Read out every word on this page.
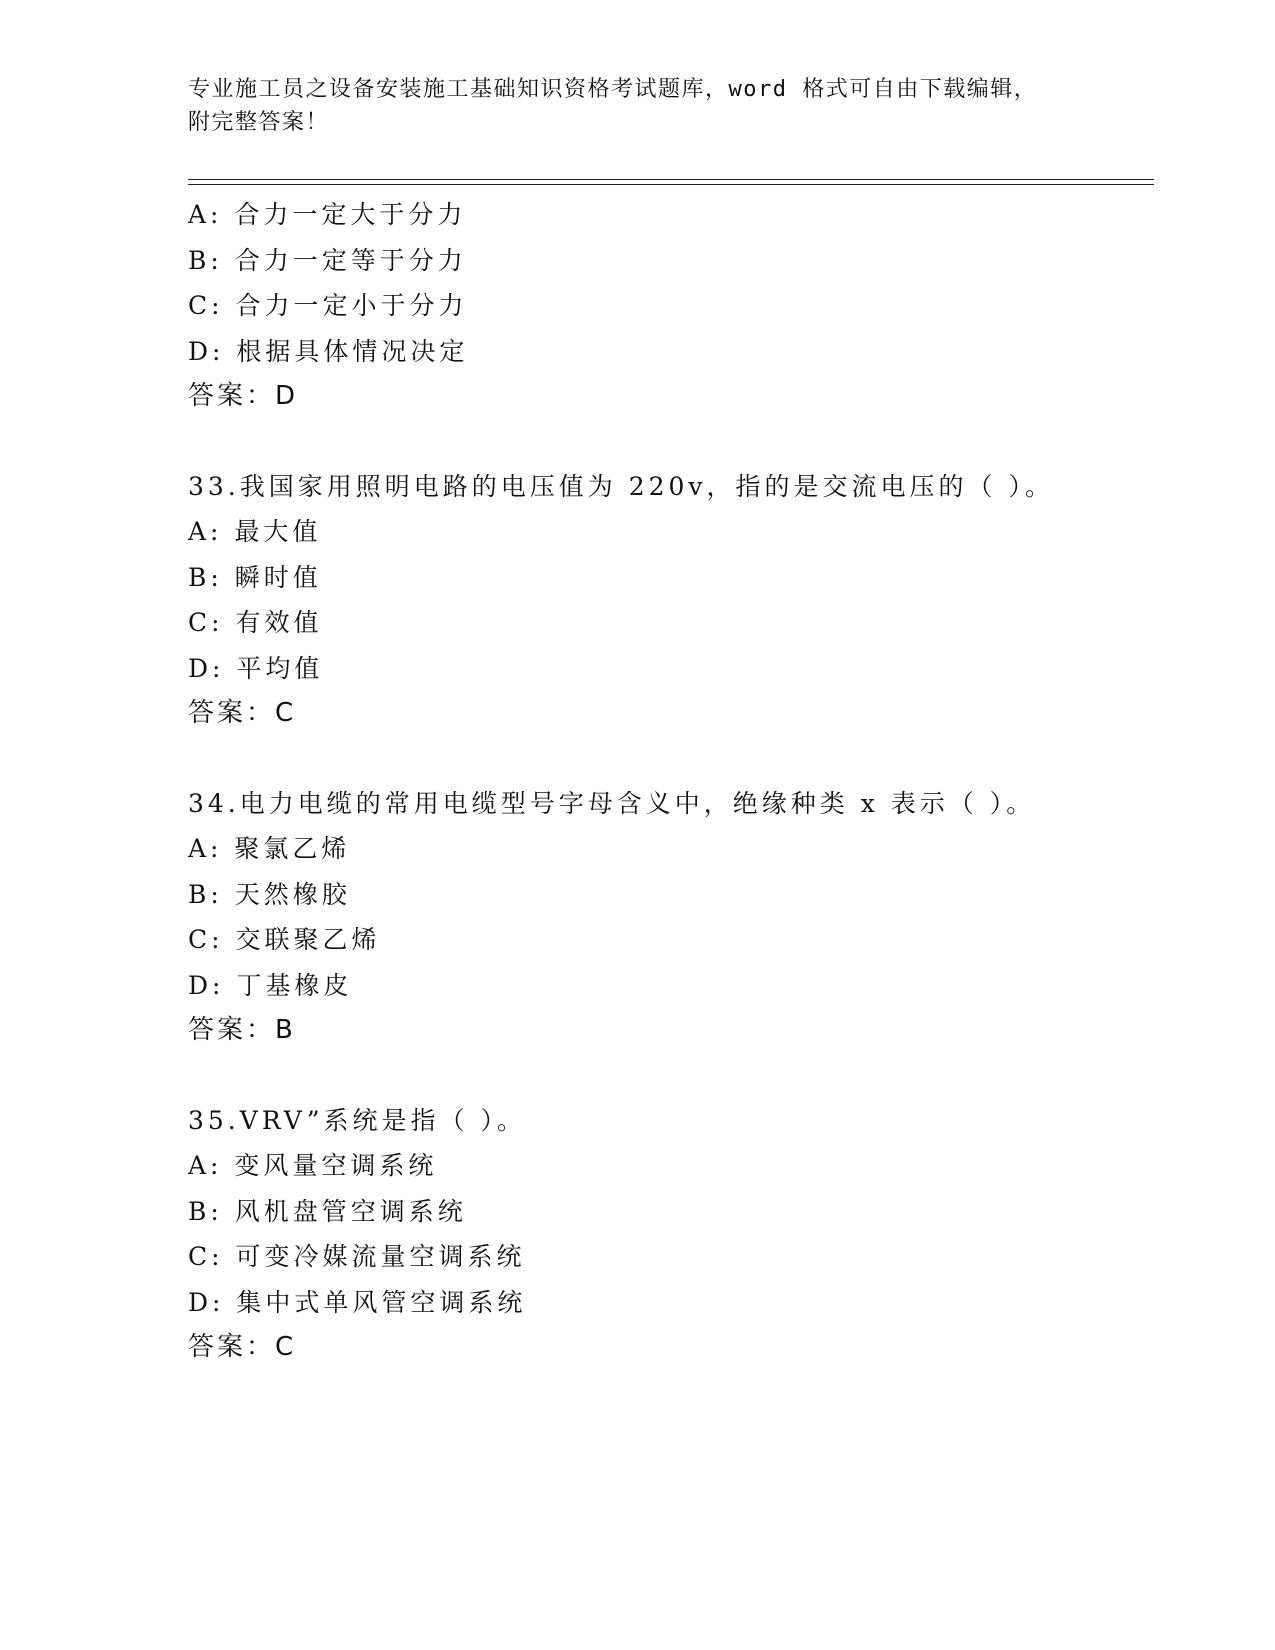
专业施工员之设备安装施工基础知识资格考试题库，word 格式可自由下载编辑，
附完整答案！
A: 合力一定大于分力
B: 合力一定等于分力
C: 合力一定小于分力
D: 根据具体情况决定
答案：D
33.我国家用照明电路的电压值为 220v，指的是交流电压的（ ）。
A: 最大值
B: 瞬时值
C: 有效值
D: 平均值
答案：C
34.电力电缆的常用电缆型号字母含义中，绝缘种类 x 表示（ ）。
A: 聚氯乙烯
B: 天然橡胶
C: 交联聚乙烯
D: 丁基橡皮
答案：B
35.VRV”系统是指（ ）。
A: 变风量空调系统
B: 风机盘管空调系统
C: 可变冷媒流量空调系统
D: 集中式单风管空调系统
答案：C
